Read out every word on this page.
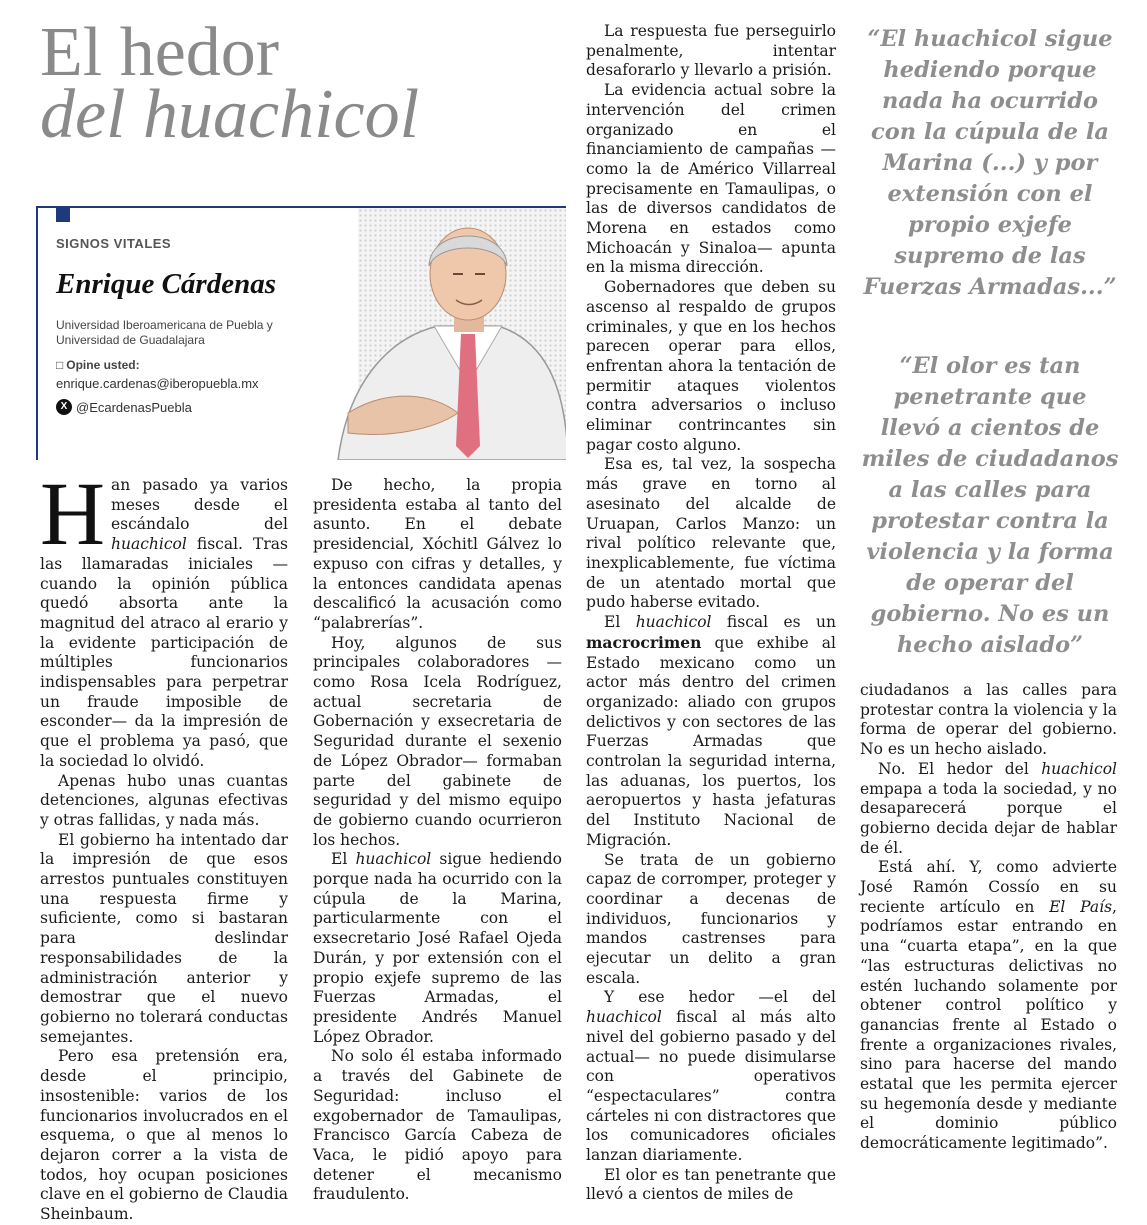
El hedor
del huachicol
SIGNOS VITALES
Enrique Cárdenas
Universidad Iberoamericana de Puebla y Universidad de Guadalajara
□ Opine usted:
enrique.cardenas@iberopuebla.mx
X @EcardenasPuebla

Han pasado ya varios meses desde el escándalo del huachicol fiscal. Tras las llamaradas iniciales —cuando la opinión pública quedó absorta ante la magnitud del atraco al erario y la evidente participación de múltiples funcionarios indispensables para perpetrar un fraude imposible de esconder— da la impresión de que el problema ya pasó, que la sociedad lo olvidó.

Apenas hubo unas cuantas detenciones, algunas efectivas y otras fallidas, y nada más.

El gobierno ha intentado dar la impresión de que esos arrestos puntuales constituyen una respuesta firme y suficiente, como si bastaran para deslindar responsabilidades de la administración anterior y demostrar que el nuevo gobierno no tolerará conductas semejantes.

Pero esa pretensión era, desde el principio, insostenible: varios de los funcionarios involucrados en el esquema, o que al menos lo dejaron correr a la vista de todos, hoy ocupan posiciones clave en el gobierno de Claudia Sheinbaum.

De hecho, la propia presidenta estaba al tanto del asunto. En el debate presidencial, Xóchitl Gálvez lo expuso con cifras y detalles, y la entonces candidata apenas descalificó la acusación como “palabrerías”.

Hoy, algunos de sus principales colaboradores —como Rosa Icela Rodríguez, actual secretaria de Gobernación y exsecretaria de Seguridad durante el sexenio de López Obrador— formaban parte del gabinete de seguridad y del mismo equipo de gobierno cuando ocurrieron los hechos.

El huachicol sigue hediendo porque nada ha ocurrido con la cúpula de la Marina, particularmente con el exsecretario José Rafael Ojeda Durán, y por extensión con el propio exjefe supremo de las Fuerzas Armadas, el presidente Andrés Manuel López Obrador.

No solo él estaba informado a través del Gabinete de Seguridad: incluso el exgobernador de Tamaulipas, Francisco García Cabeza de Vaca, le pidió apoyo para detener el mecanismo fraudulento.

La respuesta fue perseguirlo penalmente, intentar desaforarlo y llevarlo a prisión.

La evidencia actual sobre la intervención del crimen organizado en el financiamiento de campañas —como la de Américo Villarreal precisamente en Tamaulipas, o las de diversos candidatos de Morena en estados como Michoacán y Sinaloa— apunta en la misma dirección.

Gobernadores que deben su ascenso al respaldo de grupos criminales, y que en los hechos parecen operar para ellos, enfrentan ahora la tentación de permitir ataques violentos contra adversarios o incluso eliminar contrincantes sin pagar costo alguno.

Esa es, tal vez, la sospecha más grave en torno al asesinato del alcalde de Uruapan, Carlos Manzo: un rival político relevante que, inexplicablemente, fue víctima de un atentado mortal que pudo haberse evitado.

El huachicol fiscal es un macrocrimen que exhibe al Estado mexicano como un actor más dentro del crimen organizado: aliado con grupos delictivos y con sectores de las Fuerzas Armadas que controlan la seguridad interna, las aduanas, los puertos, los aeropuertos y hasta jefaturas del Instituto Nacional de Migración.

Se trata de un gobierno capaz de corromper, proteger y coordinar a decenas de individuos, funcionarios y mandos castrenses para ejecutar un delito a gran escala.

Y ese hedor —el del huachicol fiscal al más alto nivel del gobierno pasado y del actual— no puede disimularse con operativos “espectaculares” contra cárteles ni con distractores que los comunicadores oficiales lanzan diariamente.

El olor es tan penetrante que llevó a cientos de miles de

“El huachicol sigue hediendo porque nada ha ocurrido con la cúpula de la Marina (...) y por extensión con el propio exjefe supremo de las Fuerzas Armadas...”

“El olor es tan penetrante que llevó a cientos de miles de ciudadanos a las calles para protestar contra la violencia y la forma de operar del gobierno. No es un hecho aislado”

ciudadanos a las calles para protestar contra la violencia y la forma de operar del gobierno. No es un hecho aislado.

No. El hedor del huachicol empapa a toda la sociedad, y no desaparecerá porque el gobierno decida dejar de hablar de él.

Está ahí. Y, como advierte José Ramón Cossío en su reciente artículo en El País, podríamos estar entrando en una “cuarta etapa”, en la que “las estructuras delictivas no estén luchando solamente por obtener control político y ganancias frente al Estado o frente a organizaciones rivales, sino para hacerse del mando estatal que les permita ejercer su hegemonía desde y mediante el dominio público democráticamente legitimado”.
